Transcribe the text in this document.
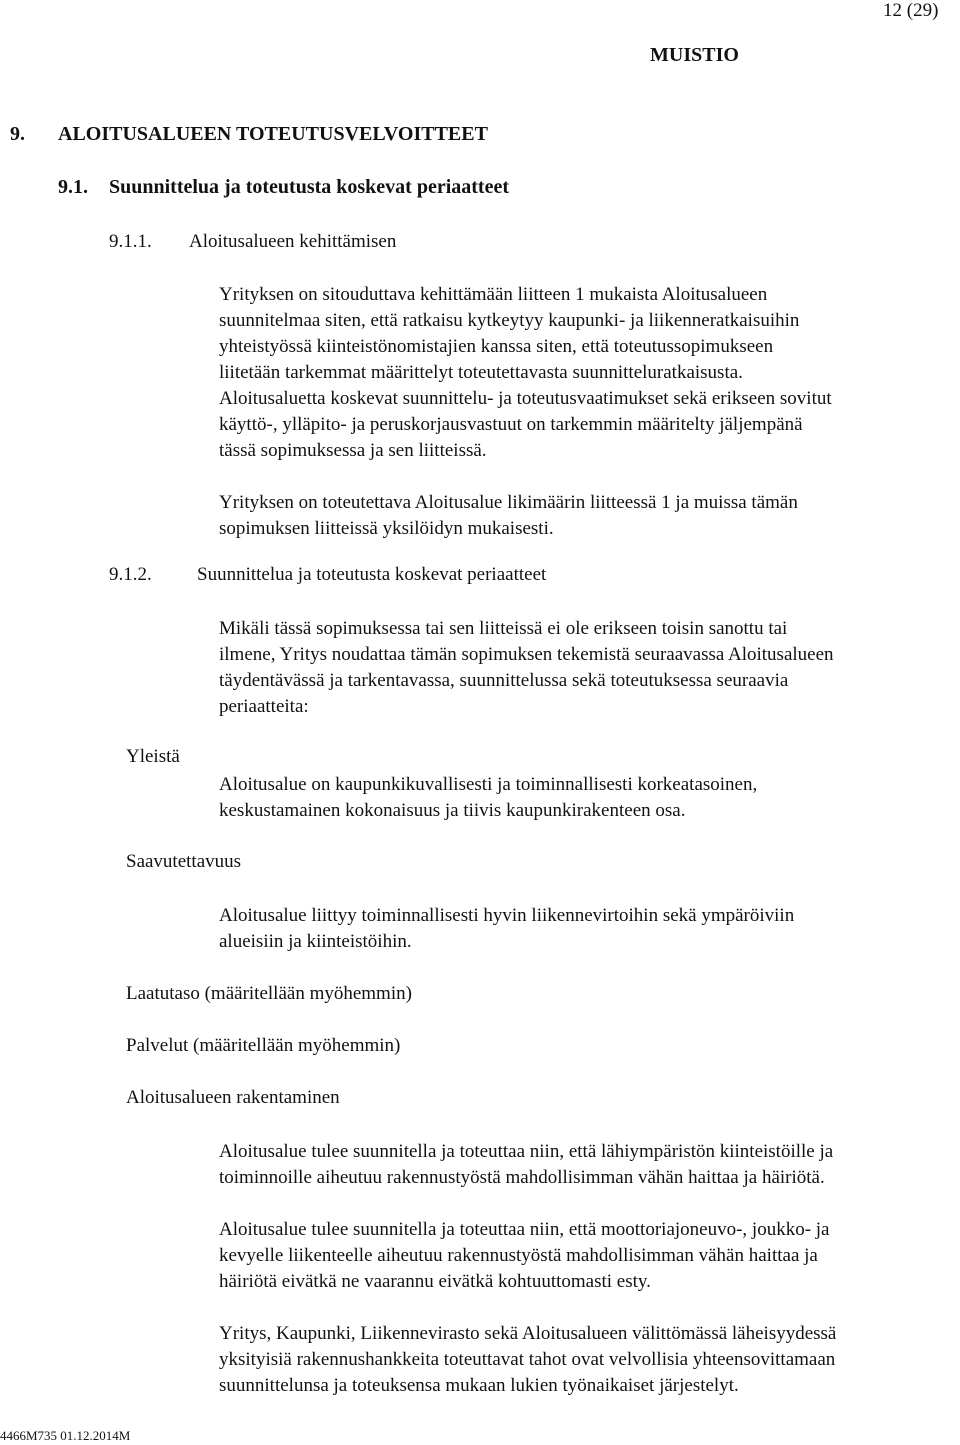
12 (29)
MUISTIO
9. ALOITUSALUEEN TOTEUTUSVELVOITTEET
9.1. Suunnittelua ja toteutusta koskevat periaatteet
9.1.1. Aloitusalueen kehittämisen
Yrityksen on sitouduttava kehittämään liitteen 1 mukaista Aloitusalueen
suunnitelmaa siten, että ratkaisu kytkeytyy kaupunki- ja liikenneratkaisuihin
yhteistyössä kiinteistönomistajien kanssa siten, että toteutussopimukseen
liitetään tarkemmat määrittelyt toteutettavasta suunnitteluratkaisusta.
Aloitusaluetta koskevat suunnittelu- ja toteutusvaatimukset sekä erikseen sovitut
käyttö-, ylläpito- ja peruskorjausvastuut on tarkemmin määritelty jäljempänä
tässä sopimuksessa ja sen liitteissä.
Yrityksen on toteutettava Aloitusalue likimäärin liitteessä 1 ja muissa tämän
sopimuksen liitteissä yksilöidyn mukaisesti.
9.1.2. Suunnittelua ja toteutusta koskevat periaatteet
Mikäli tässä sopimuksessa tai sen liitteissä ei ole erikseen toisin sanottu tai
ilmene, Yritys noudattaa tämän sopimuksen tekemistä seuraavassa Aloitusalueen
täydentävässä ja tarkentavassa, suunnittelussa sekä toteutuksessa seuraavia
periaatteita:
Yleistä
Aloitusalue on kaupunkikuvallisesti ja toiminnallisesti korkeatasoinen,
keskustamainen kokonaisuus ja tiivis kaupunkirakenteen osa.
Saavutettavuus
Aloitusalue liittyy toiminnallisesti hyvin liikennevirtoihin sekä ympäröiviin
alueisiin ja kiinteistöihin.
Laatutaso (määritellään myöhemmin)
Palvelut (määritellään myöhemmin)
Aloitusalueen rakentaminen
Aloitusalue tulee suunnitella ja toteuttaa niin, että lähiympäristön kiinteistöille ja
toiminnoille aiheutuu rakennustyöstä mahdollisimman vähän haittaa ja häiriötä.
Aloitusalue tulee suunnitella ja toteuttaa niin, että moottoriajoneuvo-, joukko- ja
kevyelle liikenteelle aiheutuu rakennustyöstä mahdollisimman vähän haittaa ja
häiriötä eivätkä ne vaarannu eivätkä kohtuuttomasti esty.
Yritys, Kaupunki, Liikennevirasto sekä Aloitusalueen välittömässä läheisyydessä
yksityisiä rakennushankkeita toteuttavat tahot ovat velvollisia yhteensovittamaan
suunnittelunsa ja toteuksensa mukaan lukien työnaikaiset järjestelyt.
4466M735 01.12.2014M
